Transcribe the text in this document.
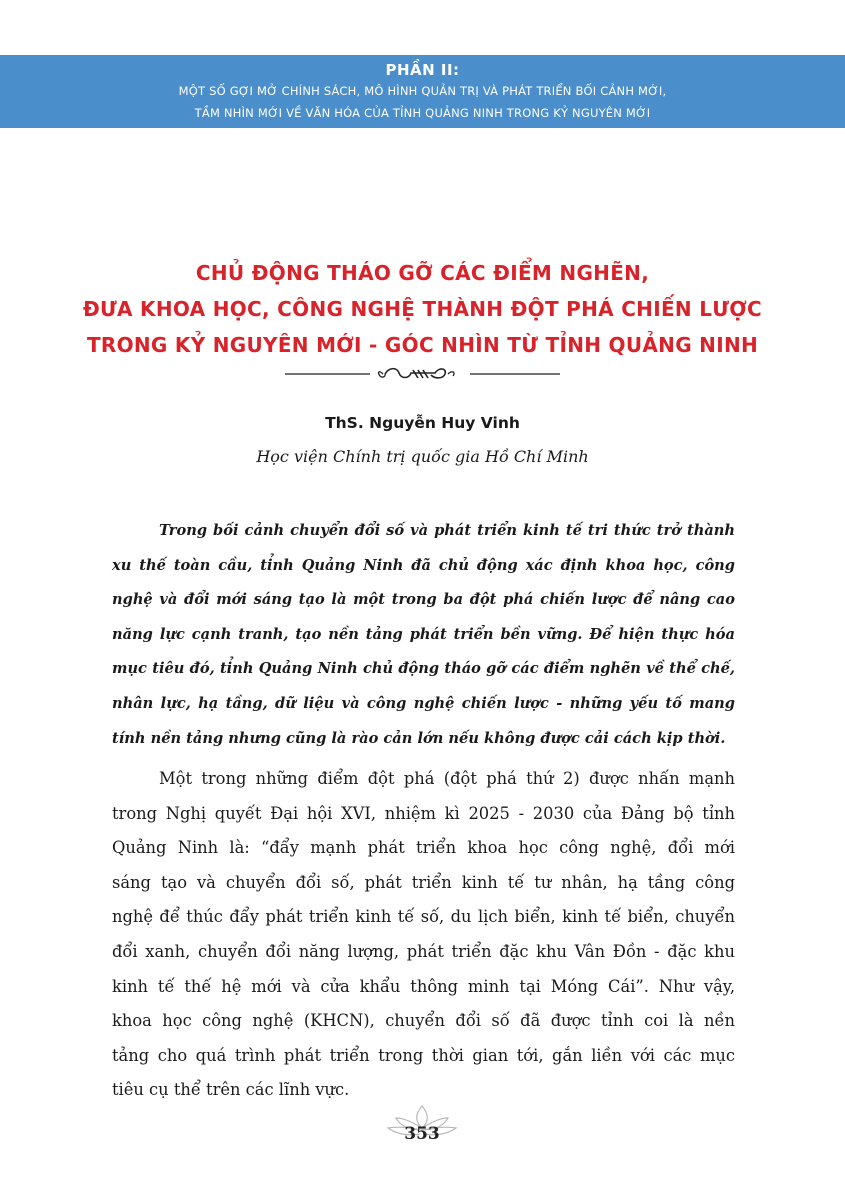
PHẦN II:
MỘT SỐ GỢI MỞ CHÍNH SÁCH, MÔ HÌNH QUẢN TRỊ VÀ PHÁT TRIỂN BỐI CẢNH MỚI,
TẦM NHÌN MỚI VỀ VĂN HÓA CỦA TỈNH QUẢNG NINH TRONG KỶ NGUYÊN MỚI
CHỦ ĐỘNG THÁO GỠ CÁC ĐIỂM NGHẼN,
ĐƯA KHOA HỌC, CÔNG NGHỆ THÀNH ĐỘT PHÁ CHIẾN LƯỢC
TRONG KỶ NGUYÊN MỚI - GÓC NHÌN TỪ TỈNH QUẢNG NINH
ThS. Nguyễn Huy Vinh
Học viện Chính trị quốc gia Hồ Chí Minh
Trong bối cảnh chuyển đổi số và phát triển kinh tế tri thức trở thành
xu thế toàn cầu, tỉnh Quảng Ninh đã chủ động xác định khoa học, công
nghệ và đổi mới sáng tạo là một trong ba đột phá chiến lược để nâng cao
năng lực cạnh tranh, tạo nền tảng phát triển bền vững. Để hiện thực hóa
mục tiêu đó, tỉnh Quảng Ninh chủ động tháo gỡ các điểm nghẽn về thể chế,
nhân lực, hạ tầng, dữ liệu và công nghệ chiến lược - những yếu tố mang
tính nền tảng nhưng cũng là rào cản lớn nếu không được cải cách kịp thời.
Một trong những điểm đột phá (đột phá thứ 2) được nhấn mạnh
trong Nghị quyết Đại hội XVI, nhiệm kì 2025 - 2030 của Đảng bộ tỉnh
Quảng Ninh là: “đẩy mạnh phát triển khoa học công nghệ, đổi mới
sáng tạo và chuyển đổi số, phát triển kinh tế tư nhân, hạ tầng công
nghệ để thúc đẩy phát triển kinh tế số, du lịch biển, kinh tế biển, chuyển
đổi xanh, chuyển đổi năng lượng, phát triển đặc khu Vân Đồn - đặc khu
kinh tế thế hệ mới và cửa khẩu thông minh tại Móng Cái”. Như vậy,
khoa học công nghệ (KHCN), chuyển đổi số đã được tỉnh coi là nền
tảng cho quá trình phát triển trong thời gian tới, gắn liền với các mục
tiêu cụ thể trên các lĩnh vực.
353
